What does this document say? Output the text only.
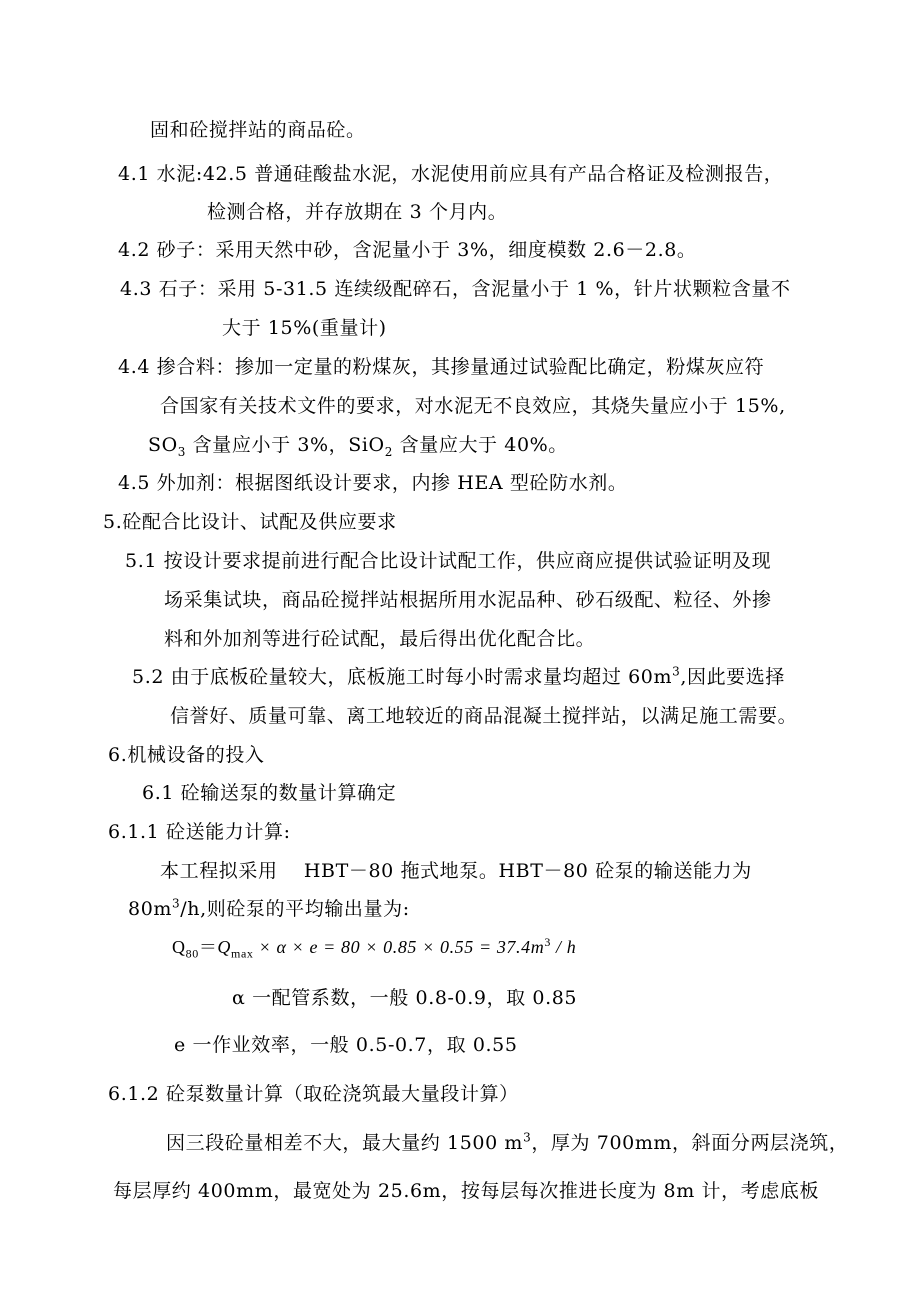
固和砼搅拌站的商品砼。
4.1 水泥:42.5 普通硅酸盐水泥，水泥使用前应具有产品合格证及检测报告，
检测合格，并存放期在 3 个月内。
4.2 砂子：采用天然中砂，含泥量小于 3%，细度模数 2.6－2.8。
4.3 石子：采用 5-31.5 连续级配碎石，含泥量小于 1 %，针片状颗粒含量不
大于 15%(重量计)
4.4 掺合料：掺加一定量的粉煤灰，其掺量通过试验配比确定，粉煤灰应符
合国家有关技术文件的要求，对水泥无不良效应，其烧失量应小于 15%,
$SO_3$ 含量应小于 3%，SiO$_2$ 含量应大于 40%。
4.5 外加剂：根据图纸设计要求，内掺 HEA 型砼防水剂。
5.砼配合比设计、试配及供应要求
5.1 按设计要求提前进行配合比设计试配工作，供应商应提供试验证明及现
场采集试块，商品砼搅拌站根据所用水泥品种、砂石级配、粒径、外掺
料和外加剂等进行砼试配，最后得出优化配合比。
5.2 由于底板砼量较大，底板施工时每小时需求量均超过 $60m^3$,因此要选择
信誉好、质量可靠、离工地较近的商品混凝土搅拌站，以满足施工需要。
6.机械设备的投入
6.1 砼输送泵的数量计算确定
6.1.1 砼送能力计算:
本工程拟采用　 HBT－80 拖式地泵。HBT－80 砼泵的输送能力为
$80m^3/h$,则砼泵的平均输出量为:
$Q_{80}=Q_{max} \times \alpha \times e = 80 \times 0.85 \times 0.55 = 37.4m^3 / h$
α 一配管系数，一般 0.8-0.9，取 0.85
e 一作业效率，一般 0.5-0.7，取 0.55
6.1.2 砼泵数量计算（取砼浇筑最大量段计算）
因三段砼量相差不大，最大量约 1500 $m^3$，厚为 700mm，斜面分两层浇筑，
每层厚约 400mm，最宽处为 25.6m，按每层每次推进长度为 8m 计，考虑底板
